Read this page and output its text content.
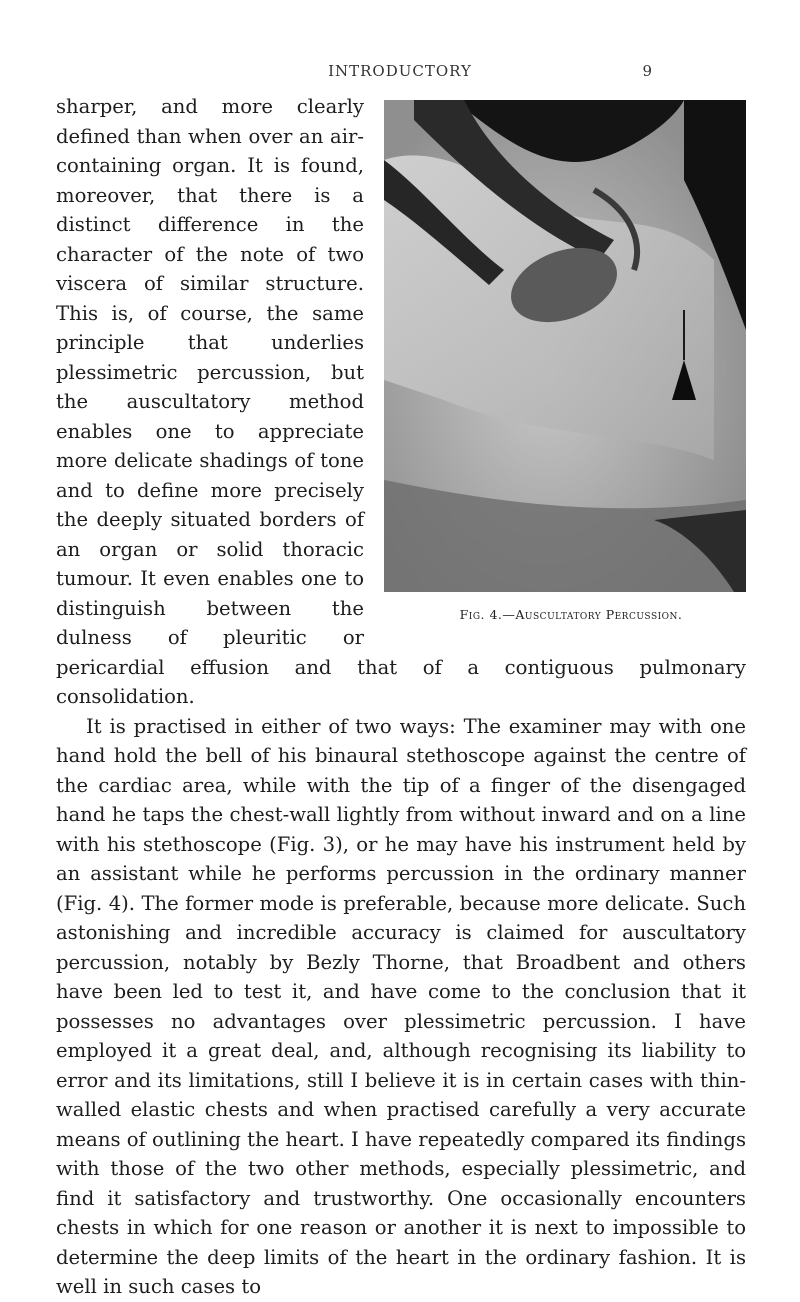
INTRODUCTORY	9
Fig. 4.—Auscultatory Percussion.

sharper, and more clearly defined than when over an air-containing organ. It is found, moreover, that there is a distinct difference in the character of the note of two viscera of similar structure. This is, of course, the same principle that underlies plessimetric percussion, but the auscultatory method enables one to appreciate more delicate shadings of tone and to define more precisely the deeply situated borders of an organ or solid thoracic tumour. It even enables one to distinguish between the dulness of pleuritic or pericardial effusion and that of a contiguous pulmonary consolidation.

It is practised in either of two ways: The examiner may with one hand hold the bell of his binaural stethoscope against the centre of the cardiac area, while with the tip of a finger of the disengaged hand he taps the chest-wall lightly from without inward and on a line with his stethoscope (Fig. 3), or he may have his instrument held by an assistant while he performs percussion in the ordinary manner (Fig. 4). The former mode is preferable, because more delicate. Such astonishing and incredible accuracy is claimed for auscultatory percussion, notably by Bezly Thorne, that Broadbent and others have been led to test it, and have come to the conclusion that it possesses no advantages over plessimetric percussion. I have employed it a great deal, and, although recognising its liability to error and its limitations, still I believe it is in certain cases with thin-walled elastic chests and when practised carefully a very accurate means of outlining the heart. I have repeatedly compared its findings with those of the two other methods, especially plessimetric, and find it satisfactory and trustworthy. One occasionally encounters chests in which for one reason or another it is next to impossible to determine the deep limits of the heart in the ordinary fashion. It is well in such cases to
